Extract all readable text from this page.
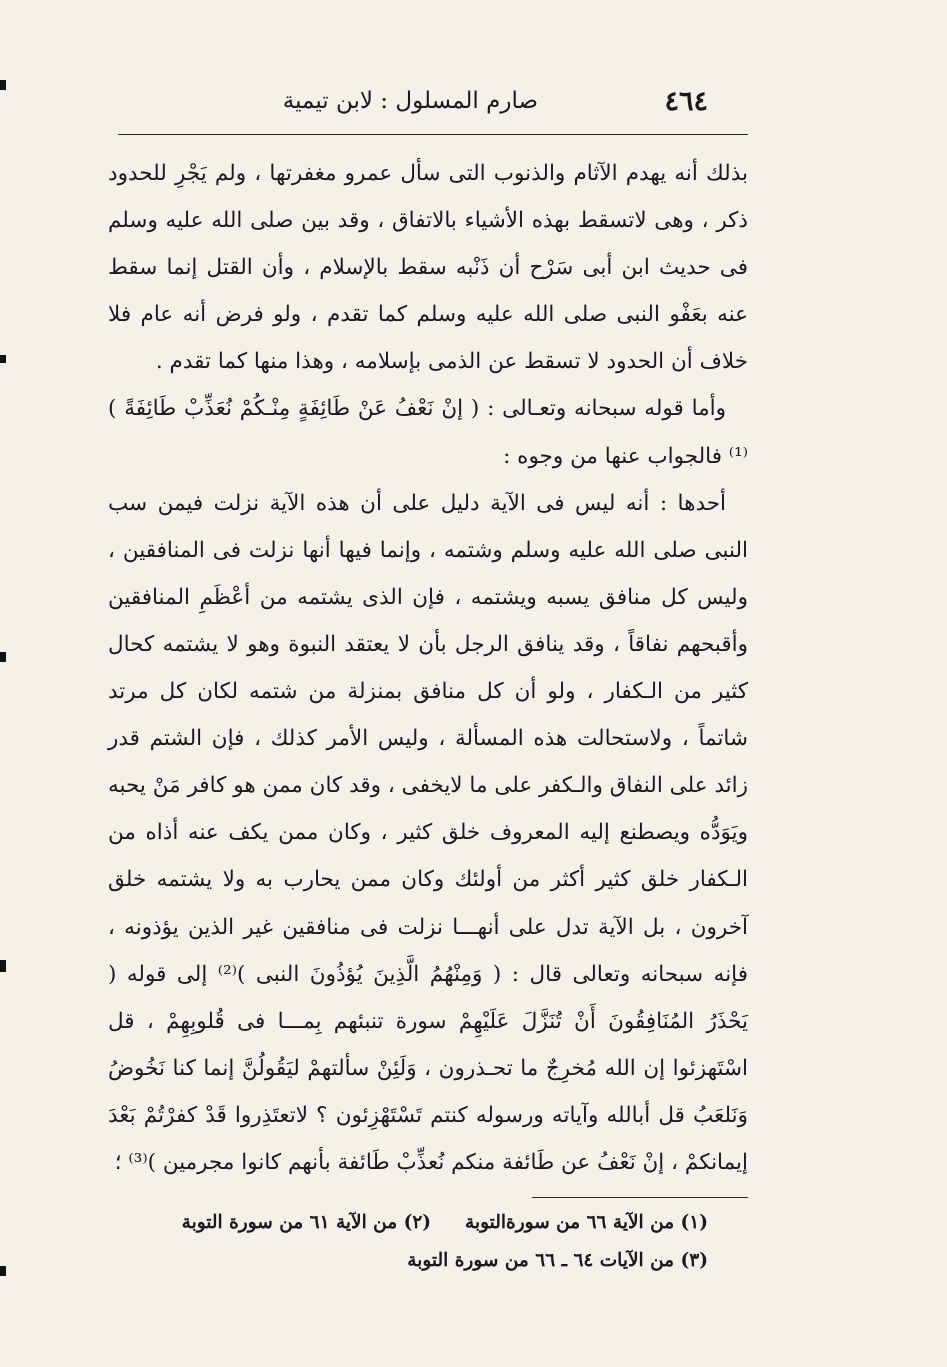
٤٦٤
صارم المسلول : لابن تيمية

بذلك أنه يهدم الآثام والذنوب التى سأل عمرو مغفرتها ، ولم يَجْرِ للحدود ذكر ، وهى لاتسقط بهذه الأشياء بالاتفاق ، وقد بين صلى الله عليه وسلم فى حديث ابن أبى سَرْح أن ذَنْبه سقط بالإسلام ، وأن القتل إنما سقط عنه بعَفْو النبى صلى الله عليه وسلم كما تقدم ، ولو فرض أنه عام فلا خلاف أن الحدود لا تسقط عن الذمى بإسلامه ، وهذا منها كما تقدم .

وأما قوله سبحانه وتعـالى : ( إنْ نَعْفُ عَنْ طَائِفَةٍ مِنْـكُمْ نُعَذِّبْ طَائِفَةً )⁽¹⁾ فالجواب عنها من وجوه :

أحدها : أنه ليس فى الآية دليل على أن هذه الآية نزلت فيمن سب النبى صلى الله عليه وسلم وشتمه ، وإنما فيها أنها نزلت فى المنافقين ، وليس كل منافق يسبه ويشتمه ، فإن الذى يشتمه من أعْظَمِ المنافقين وأقبحهم نفاقاً ، وقد ينافق الرجل بأن لا يعتقد النبوة وهو لا يشتمه كحال كثير من الـكفار ، ولو أن كل منافق بمنزلة من شتمه لكان كل مرتد شاتماً ، ولاستحالت هذه المسألة ، وليس الأمر كذلك ، فإن الشتم قدر زائد على النفاق والـكفر على ما لايخفى ، وقد كان ممن هو كافر مَنْ يحبه ويَوَدُّه ويصطنع إليه المعروف خلق كثير ، وكان ممن يكف عنه أذاه من الـكفار خلق كثير أكثر من أولئك وكان ممن يحارب به ولا يشتمه خلق آخرون ، بل الآية تدل على أنهـــا نزلت فى منافقين غير الذين يؤذونه ، فإنه سبحانه وتعالى قال : ( وَمِنْهُمُ الَّذِينَ يُؤذُونَ النبى )⁽²⁾ إلى قوله ( يَحْذَرُ المُنَافِقُونَ أَنْ تُنَزَّلَ عَلَيْهِمْ سورة تنبئهم بِمـــا فى قُلوبِهِمْ ، قل اسْتَهزئوا إن الله مُخرِجٌ ما تحـذرون ، وَلَئِنْ سألتهمْ ليَقُولُنَّ إنما كنا نَخُوضُ وَنَلعَبُ قل أبالله وآياته ورسوله كنتم تَسْتَهْزِئون ؟ لاتعتَذِروا قَدْ كفرْتُمْ بَعْدَ إيمانكمْ ، إنْ نَعْفُ عن طَائفة منكم نُعذِّبْ طَائفة بأنهم كانوا مجرمين )⁽³⁾ ؛

(١) من الآية ٦٦ من سورةالتوبة
(٢) من الآية ٦١ من سورة التوبة
(٣) من الآيات ٦٤ ـ ٦٦ من سورة التوبة
